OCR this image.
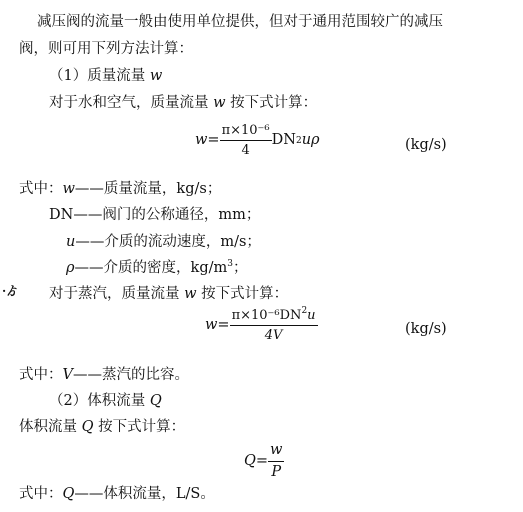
减压阀的流量一般由使用单位提供，但对于通用范围较广的减压
阀，则可用下列方法计算：
（1）质量流量 w
对于水和空气，质量流量 w 按下式计算：
$w = \frac{\text{π×10⁻⁶}}{4}$ DN 2 uρ	(kg/s)
式中：w——质量流量，kg/s；
DN——阀门的公称通径，mm；
u——介质的流动速度，m/s；
ρ——介质的密度，$kg/m^3$；
·ゟ 对于蒸汽，质量流量 w 按下式计算：
$w = \frac{\pi\times 10^{-6}DN^2u}{4V}$	(kg/s)
式中：V——蒸汽的比容。
（2）体积流量 Q
体积流量 Q 按下式计算：
$Q = \frac{w}{P}$
式中：Q——体积流量，L/S。
